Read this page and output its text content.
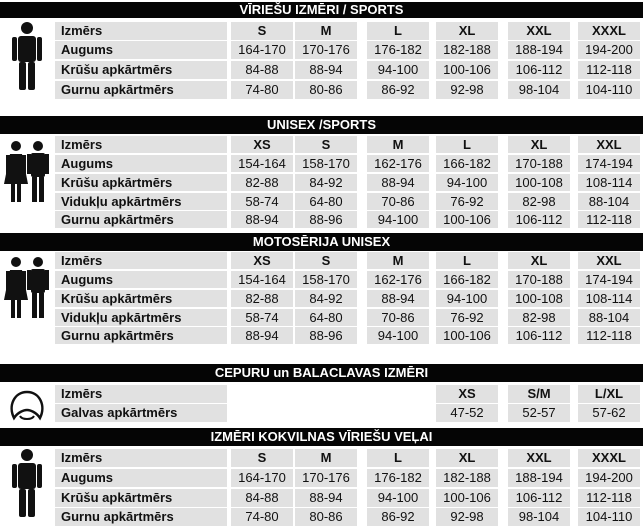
VĪRIEŠU IZMĒRI / SPORTS
Izmērs	S	M	L	XL	XXL	XXXL
Augums	164-170	170-176	176-182	182-188	188-194	194-200
Krūšu apkārtmērs	84-88	88-94	94-100	100-106	106-112	112-118
Gurnu apkārtmērs	74-80	80-86	86-92	92-98	98-104	104-110
UNISEX /SPORTS
Izmērs	XS	S	M	L	XL	XXL
Augums	154-164	158-170	162-176	166-182	170-188	174-194
Krūšu apkārtmērs	82-88	84-92	88-94	94-100	100-108	108-114
Vidukļu apkārtmērs	58-74	64-80	70-86	76-92	82-98	88-104
Gurnu apkārtmērs	88-94	88-96	94-100	100-106	106-112	112-118
MOTOSĒRIJA UNISEX
Izmērs	XS	S	M	L	XL	XXL
Augums	154-164	158-170	162-176	166-182	170-188	174-194
Krūšu apkārtmērs	82-88	84-92	88-94	94-100	100-108	108-114
Vidukļu apkārtmērs	58-74	64-80	70-86	76-92	82-98	88-104
Gurnu apkārtmērs	88-94	88-96	94-100	100-106	106-112	112-118
CEPURU un BALACLAVAS IZMĒRI
Izmērs	XS	S/M	L/XL
Galvas apkārtmērs	47-52	52-57	57-62
IZMĒRI KOKVILNAS VĪRIEŠU VEĻAI
Izmērs	S	M	L	XL	XXL	XXXL
Augums	164-170	170-176	176-182	182-188	188-194	194-200
Krūšu apkārtmērs	84-88	88-94	94-100	100-106	106-112	112-118
Gurnu apkārtmērs	74-80	80-86	86-92	92-98	98-104	104-110
